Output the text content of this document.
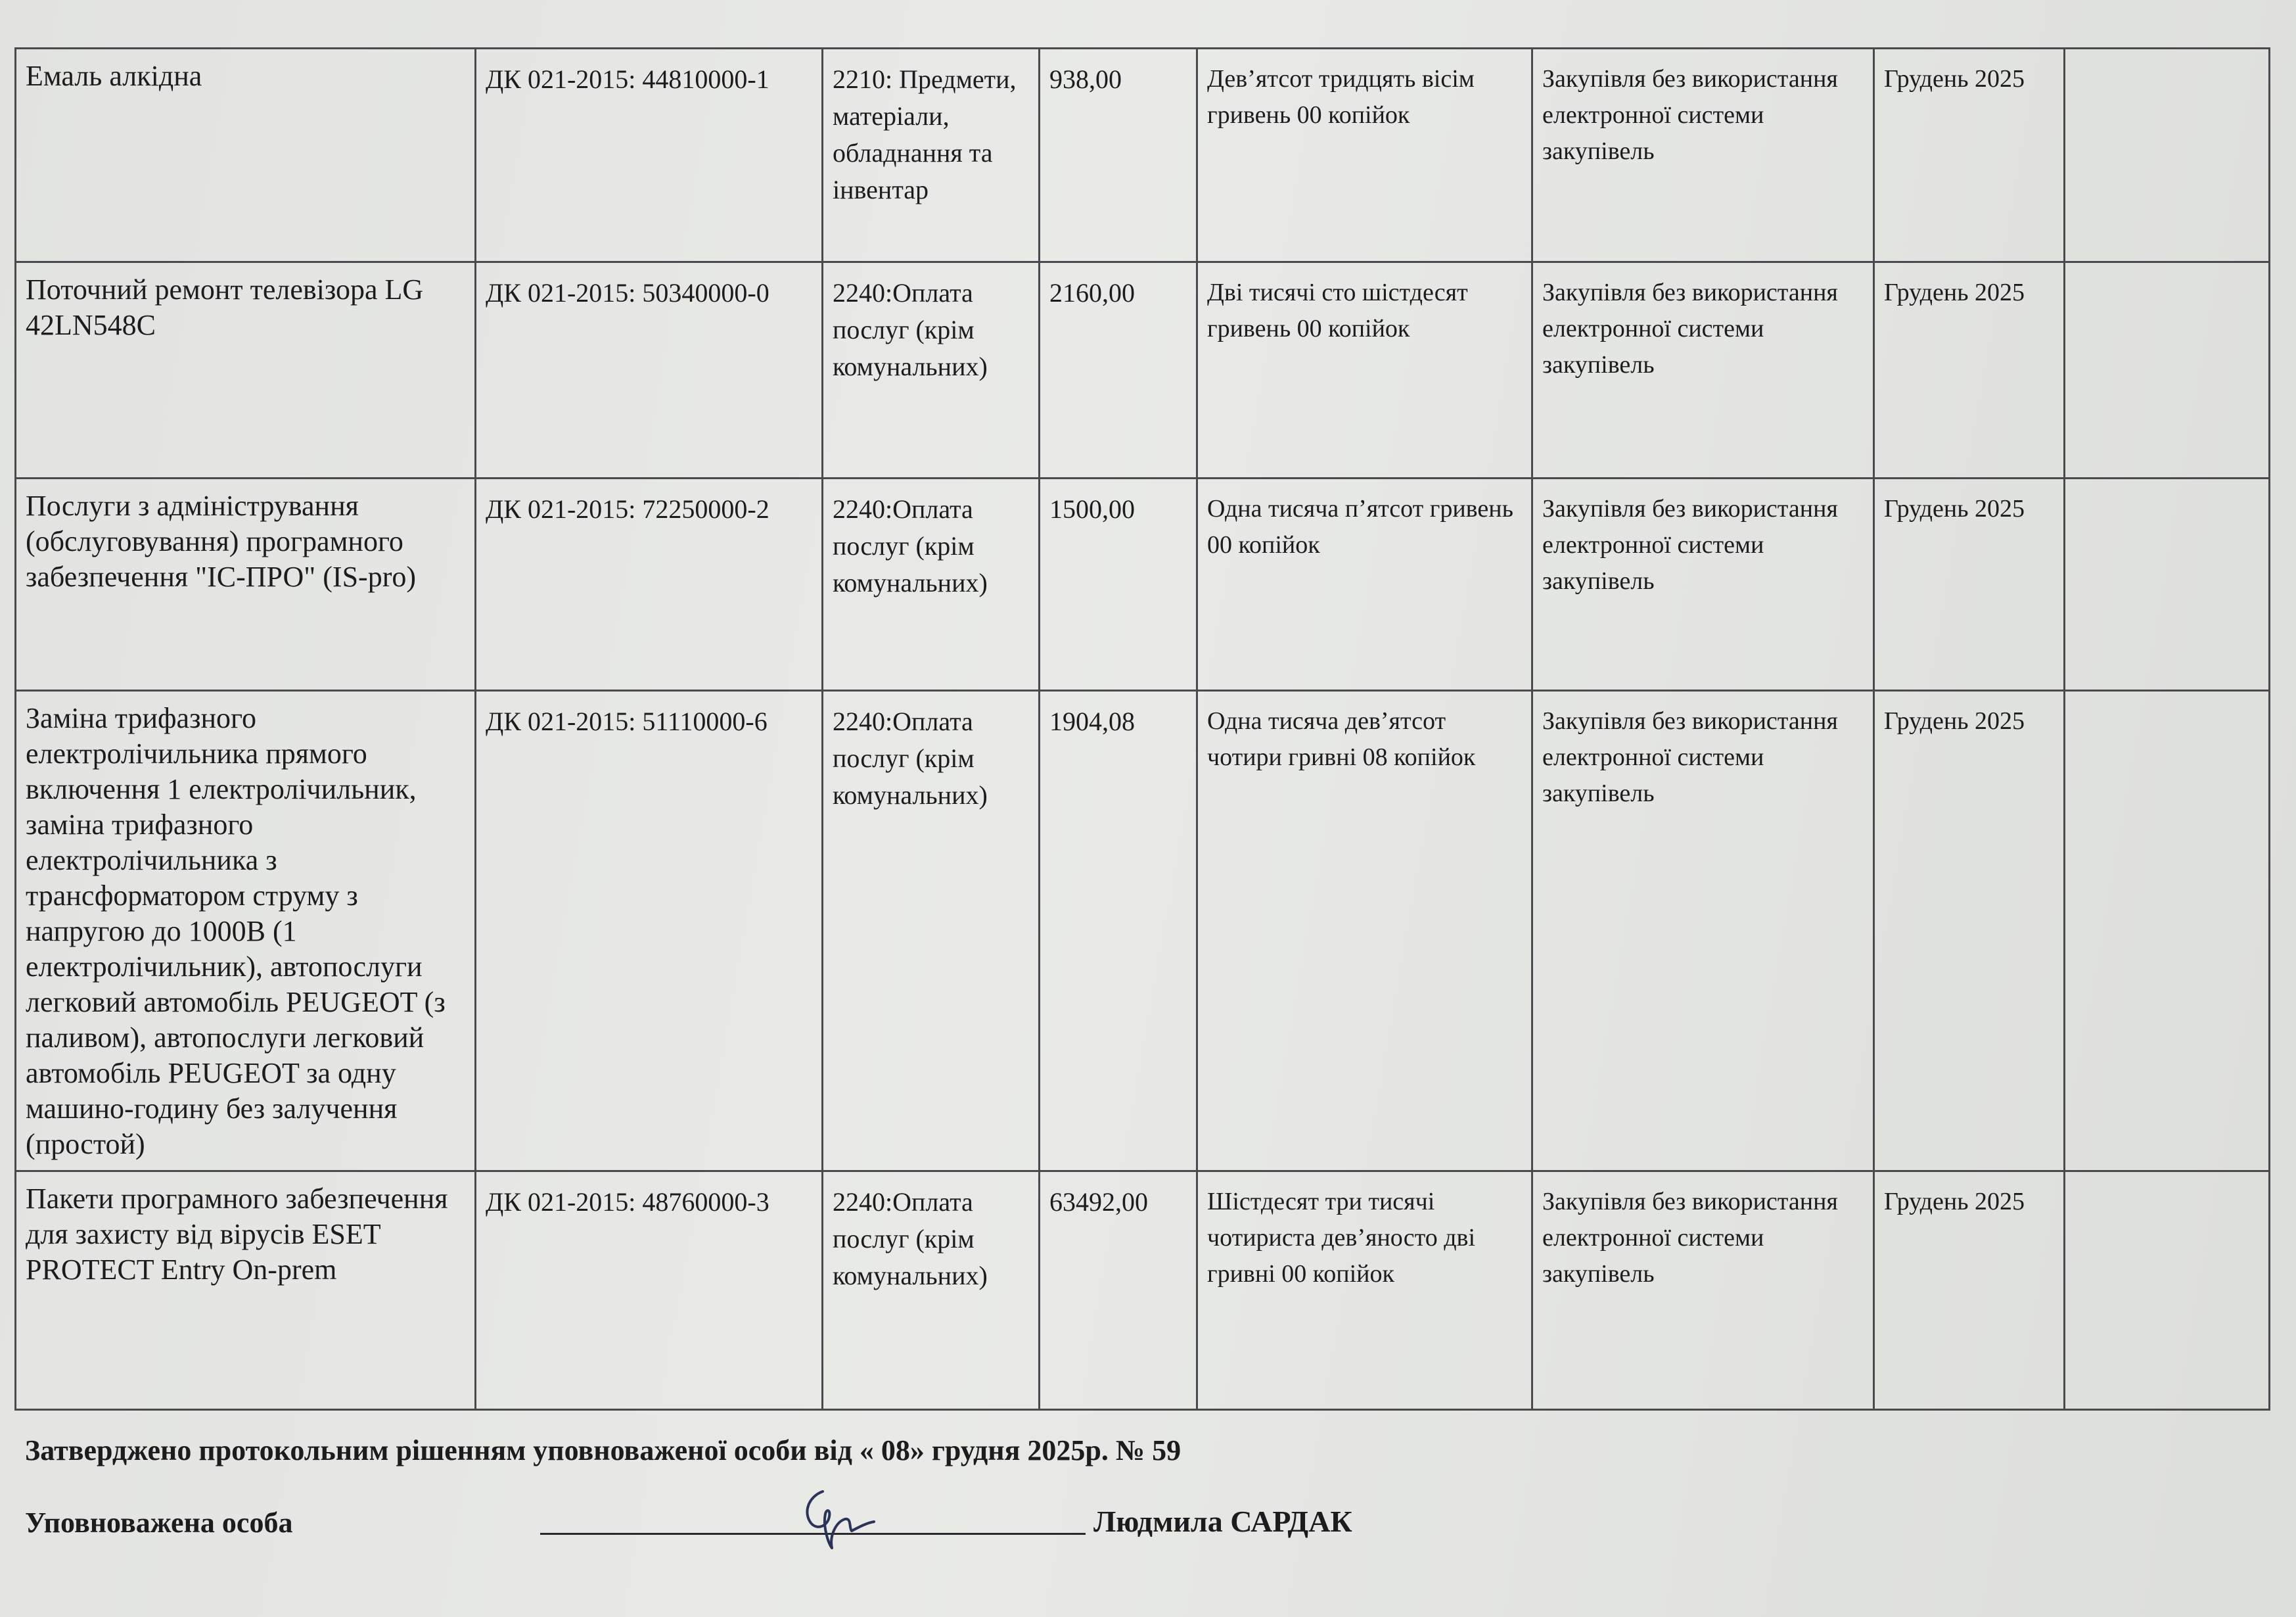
Емаль алкідна	ДК 021-2015: 44810000-1	2210: Предмети, матеріали, обладнання та інвентар	938,00	Дев’ятсот тридцять вісім гривень 00 копійок	Закупівля без використання електронної системи закупівель	Грудень 2025	
Поточний ремонт телевізора LG 42LN548C	ДК 021-2015: 50340000-0	2240:Оплата послуг (крім комунальних)	2160,00	Дві тисячі сто шістдесят гривень 00 копійок	Закупівля без використання електронної системи закупівель	Грудень 2025	
Послуги з адміністрування (обслуговування) програмного забезпечення "ІС-ПРО" (IS-pro)	ДК 021-2015: 72250000-2	2240:Оплата послуг (крім комунальних)	1500,00	Одна тисяча п’ятсот гривень 00 копійок	Закупівля без використання електронної системи закупівель	Грудень 2025	
Заміна трифазного електролічильника прямого включення 1 електролічильник, заміна трифазного електролічильника з трансформатором струму з напругою до 1000В (1 електролічильник), автопослуги легковий автомобіль PEUGEOT (з паливом), автопослуги легковий автомобіль PEUGEOT за одну машино-годину без залучення (простой)	ДК 021-2015: 51110000-6	2240:Оплата послуг (крім комунальних)	1904,08	Одна тисяча дев’ятсот чотири гривні 08 копійок	Закупівля без використання електронної системи закупівель	Грудень 2025	
Пакети програмного забезпечення для захисту від вірусів ESET PROTECT Entry On-prem	ДК 021-2015: 48760000-3	2240:Оплата послуг (крім комунальних)	63492,00	Шістдесят три тисячі чотириста дев’яносто дві гривні 00 копійок	Закупівля без використання електронної системи закупівель	Грудень 2025	
Затверджено протокольним рішенням уповноваженої особи від « 08» грудня 2025р. № 59
Уповноважена особа	Людмила САРДАК
